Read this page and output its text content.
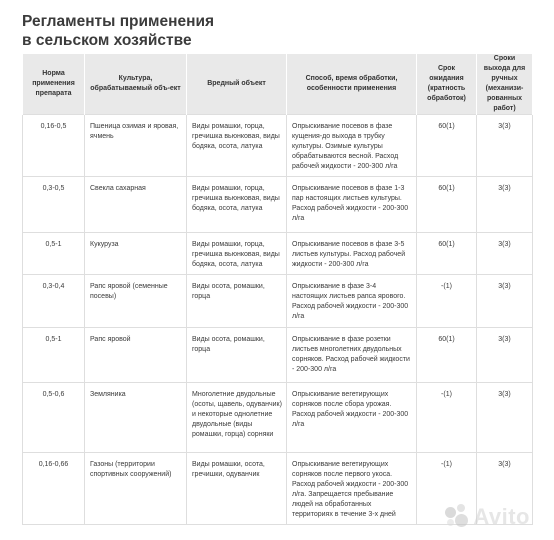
Регламенты применения
в сельском хозяйстве
Норма применения препарата	Культура, обрабатываемый объ-ект	Вредный объект	Способ, время обработки, особенности применения	Срок ожидания (кратность обработок)	Сроки выхода для ручных (механизи-рованных работ)
0,16-0,5	Пшеница озимая и яровая, ячмень	Виды ромашки, горца, гречишка вьюнковая, виды бодяка, осота, латука	Опрыскивание посевов в фазе кущения-до выхода в трубку культуры. Озимые культуры обрабатываются весной. Расход рабочей жидкости - 200-300 л/га	60(1)	3(3)
0,3-0,5	Свекла сахарная	Виды ромашки, горца, гречишка вьюнковая, виды бодяка, осота, латука	Опрыскивание посевов в фазе 1-3 пар настоящих листьев культуры. Расход рабочей жидкости - 200-300 л/га	60(1)	3(3)
0,5-1	Кукуруза	Виды ромашки, горца, гречишка вьюнковая, виды бодяка, осота, латука	Опрыскивание посевов в фазе 3-5 листьев культуры. Расход рабочей жидкости - 200-300 л/га	60(1)	3(3)
0,3-0,4	Рапс яровой (семенные посевы)	Виды осота, ромашки, горца	Опрыскивание в фазе 3-4 настоящих листьев рапса ярового. Расход рабочей жидкости - 200-300 л/га	-(1)	3(3)
0,5-1	Рапс яровой	Виды осота, ромашки, горца	Опрыскивание в фазе розетки листьев многолетних двудольных сорняков. Расход рабочей жидкости - 200-300 л/га	60(1)	3(3)
0,5-0,6	Земляника	Многолетние двудольные (осоты, щавель, одуванчик) и некоторые однолетние двудольные (виды ромашки, горца) сорняки	Опрыскивание вегетирующих сорняков после сбора урожая. Расход рабочей жидкости - 200-300 л/га	-(1)	3(3)
0,16-0,66	Газоны (территории спортивных сооружений)	Виды ромашки, осота, гречишки, одуванчик	Опрыскивание вегетирующих сорняков после первого укоса. Расход рабочей жидкости - 200-300 л/га. Запрещается пребывание людей на обработанных территориях в течение 3-х дней	-(1)	3(3)
Avito
